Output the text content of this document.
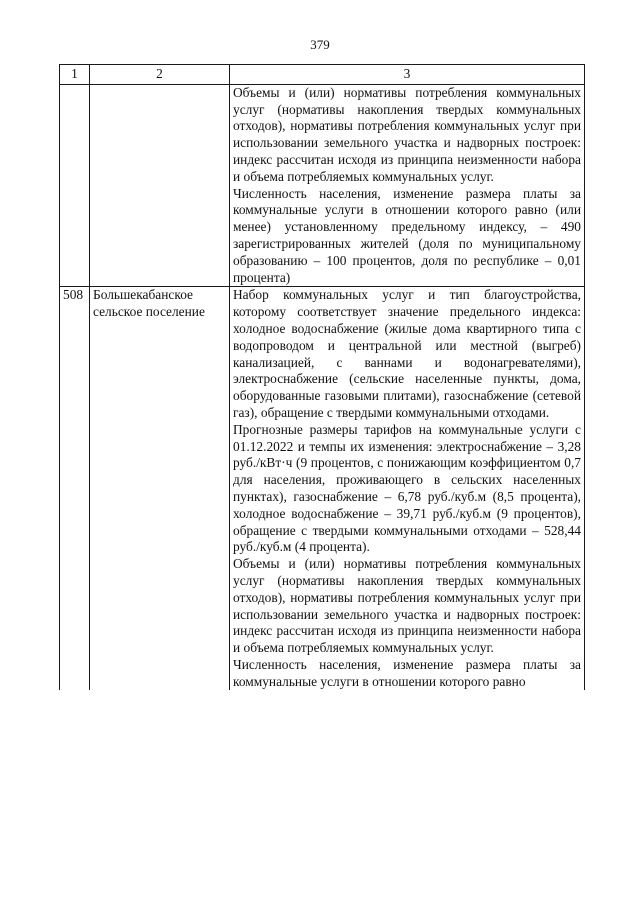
379
1	2	3

		Объемы и (или) нормативы потребления коммунальных услуг (нормативы накопления твердых коммунальных отходов), нормативы потребления коммунальных услуг при использовании земельного участка и надворных построек: индекс рассчитан исходя из принципа неизменности набора и объема потребляемых коммунальных услуг.

Численность населения, изменение размера платы за коммунальные услуги в отношении которого равно (или менее) установленному предельному индексу, – 490 зарегистрированных жителей (доля по муниципальному образованию – 100 процентов, доля по республике – 0,01 процента)

508	Большекабанское сельское поселение	Набор коммунальных услуг и тип благоустройства, которому соответствует значение предельного индекса: холодное водоснабжение (жилые дома квартирного типа с водопроводом и центральной или местной (выгреб) канализацией, с ваннами и водонагревателями), электроснабжение (сельские населенные пункты, дома, оборудованные газовыми плитами), газоснабжение (сетевой газ), обращение с твердыми коммунальными отходами.

Прогнозные размеры тарифов на коммунальные услуги с 01.12.2022 и темпы их изменения: электроснабжение – 3,28 руб./кВт·ч (9 процентов, с понижающим коэффициентом 0,7 для населения, проживающего в сельских населенных пунктах), газоснабжение – 6,78 руб./куб.м (8,5 процента), холодное водоснабжение – 39,71 руб./куб.м (9 процентов), обращение с твердыми коммунальными отходами – 528,44 руб./куб.м (4 процента).

Объемы и (или) нормативы потребления коммунальных услуг (нормативы накопления твердых коммунальных отходов), нормативы потребления коммунальных услуг при использовании земельного участка и надворных построек: индекс рассчитан исходя из принципа неизменности набора и объема потребляемых коммунальных услуг.

Численность населения, изменение размера платы за коммунальные услуги в отношении которого равно
